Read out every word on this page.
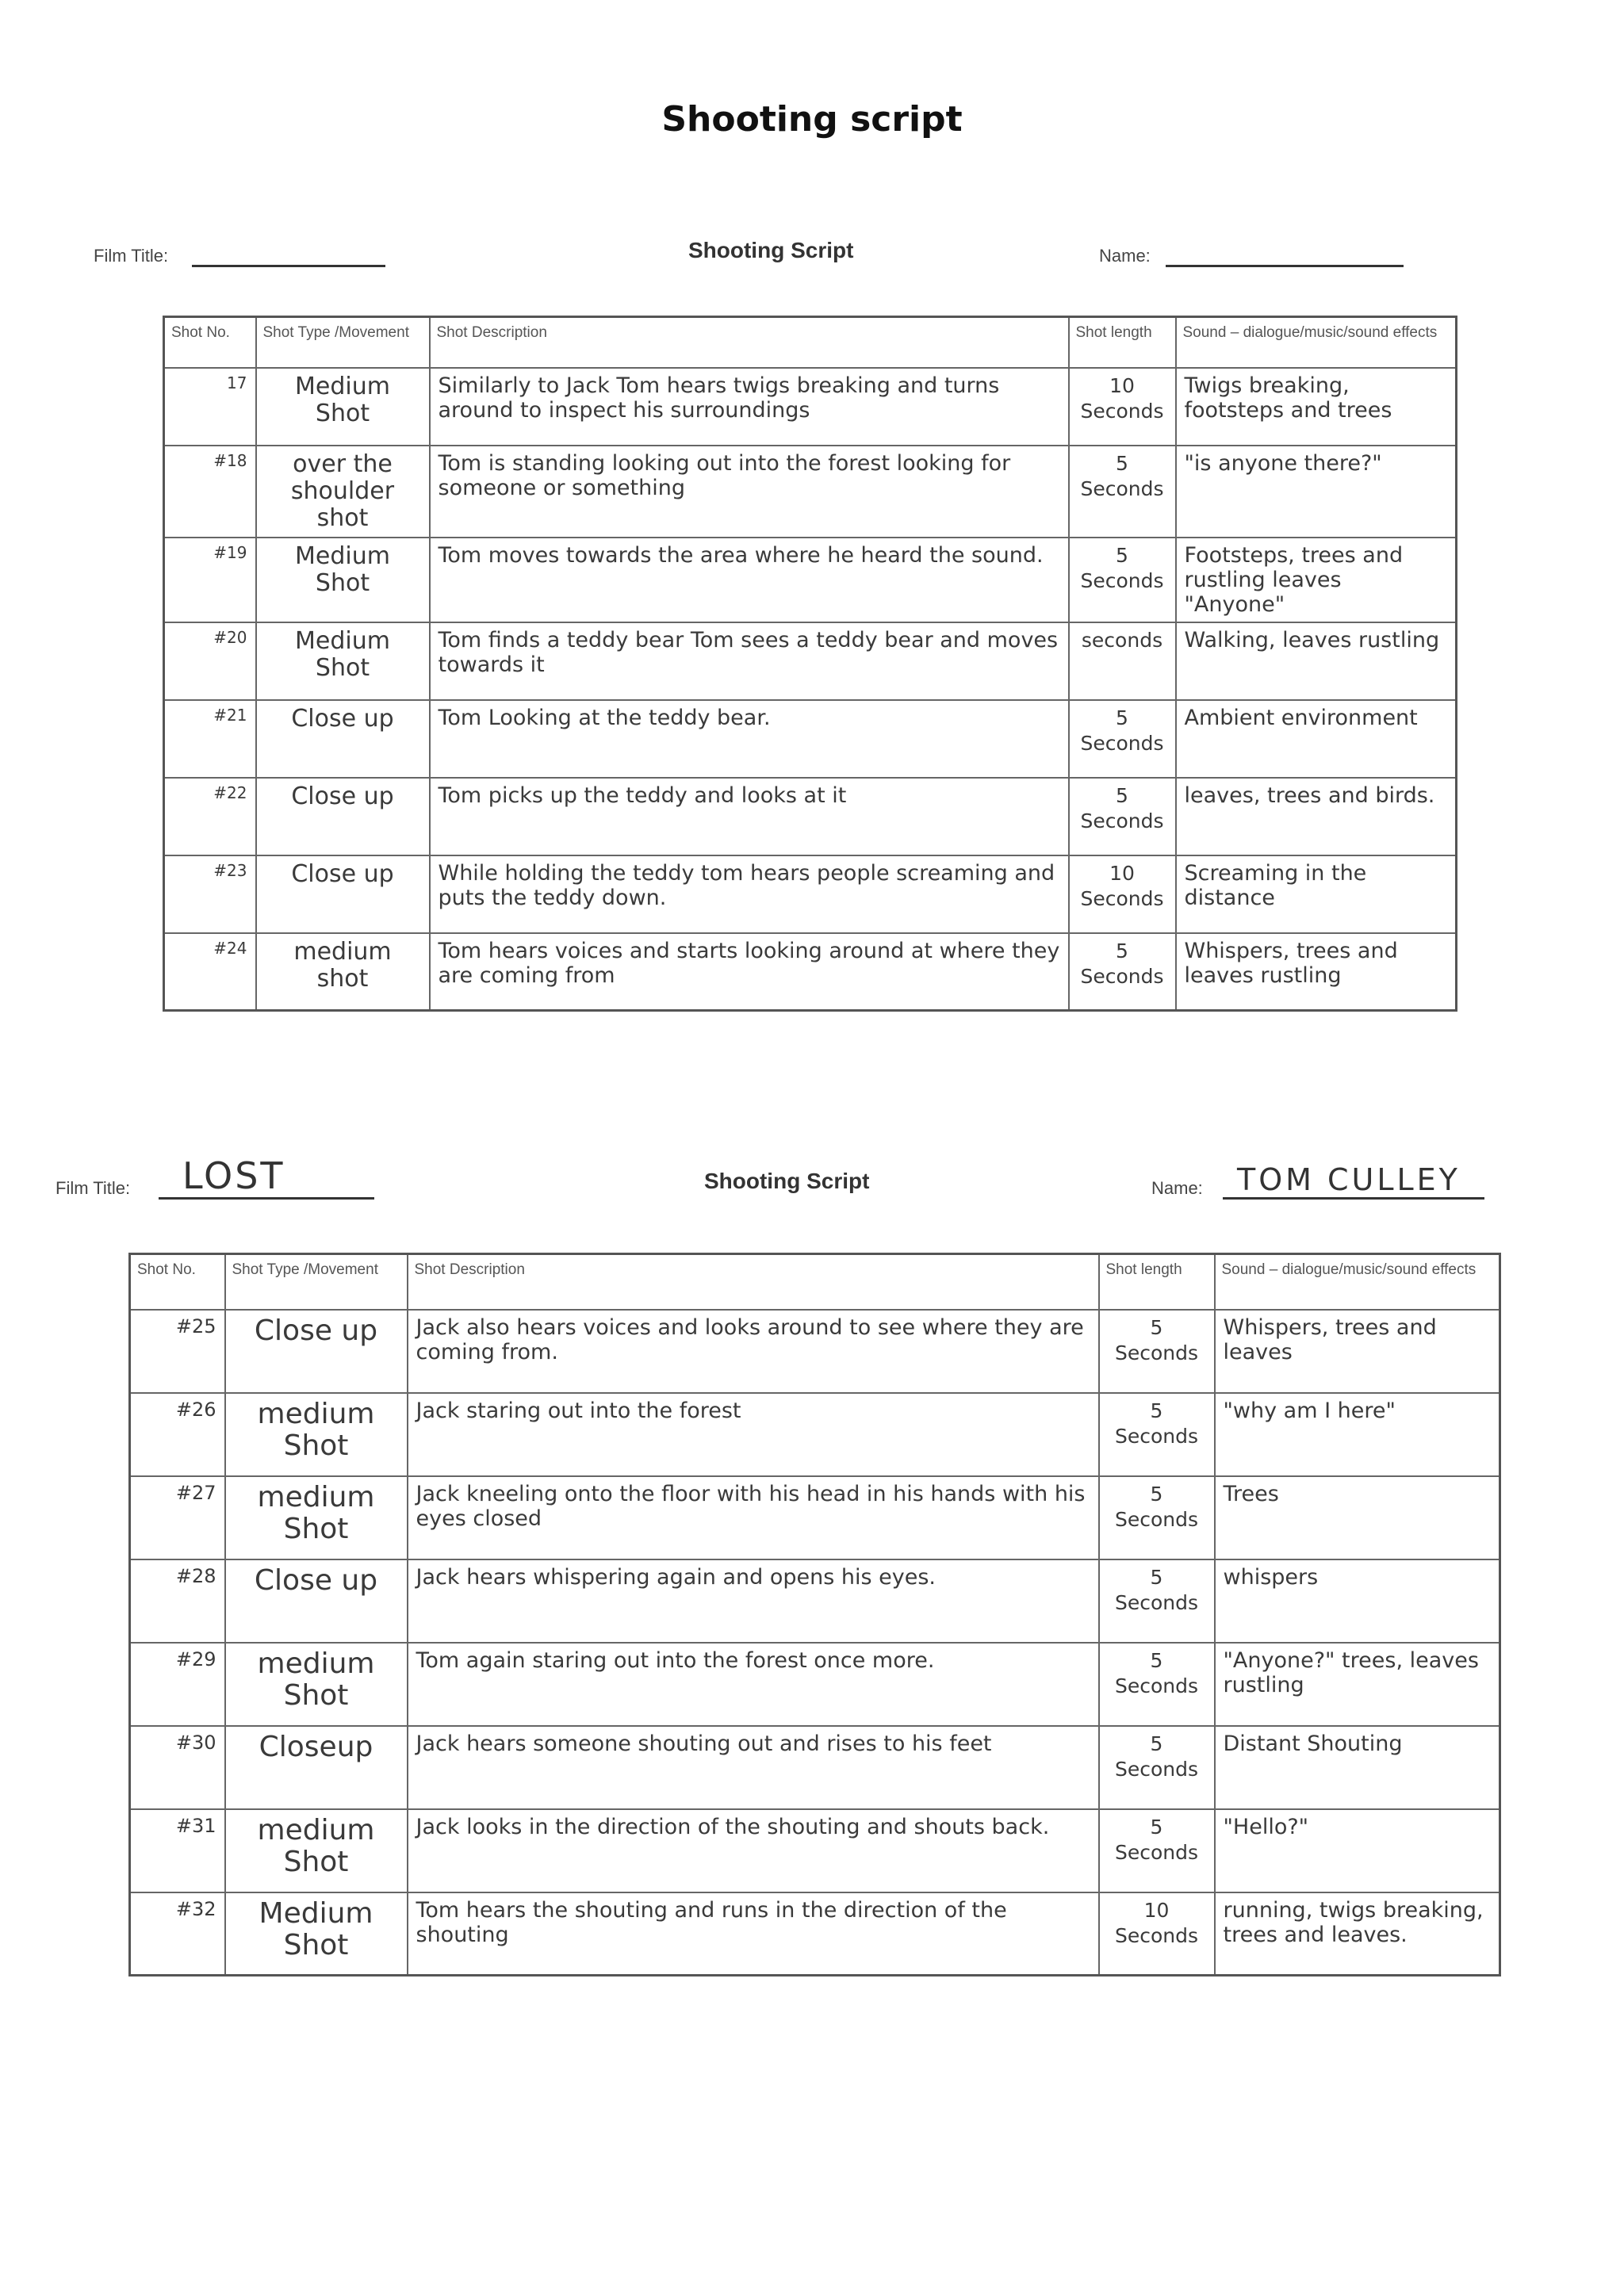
Shooting script
Film Title:	Shooting Script	Name:
Shot No.	Shot Type /Movement	Shot Description	Shot length	Sound – dialogue/music/sound effects
17	Medium Shot	Similarly to Jack Tom hears twigs breaking and turns around to inspect his surroundings	10 Seconds	Twigs breaking, footsteps and trees
#18	over the shoulder shot	Tom is standing looking out into the forest looking for someone or something	5 Seconds	"is anyone there?"
#19	Medium Shot	Tom moves towards the area where he heard the sound.	5 Seconds	Footsteps, trees and rustling leaves "Anyone"
#20	Medium Shot	Tom finds a teddy bear Tom sees a teddy bear and moves towards it	seconds	Walking, leaves rustling
#21	Close up	Tom Looking at the teddy bear.	5 Seconds	Ambient environment
#22	Close up	Tom picks up the teddy and looks at it	5 Seconds	leaves, trees and birds.
#23	Close up	While holding the teddy tom hears people screaming and puts the teddy down.	10 Seconds	Screaming in the distance
#24	medium shot	Tom hears voices and starts looking around at where they are coming from	5 Seconds	Whispers, trees and leaves rustling
Film Title: LOST	Shooting Script	Name: TOM CULLEY
Shot No.	Shot Type /Movement	Shot Description	Shot length	Sound – dialogue/music/sound effects
#25	Close up	Jack also hears voices and looks around to see where they are coming from.	5 Seconds	Whispers, trees and leaves
#26	medium Shot	Jack staring out into the forest	5 Seconds	"why am I here"
#27	medium Shot	Jack kneeling onto the floor with his head in his hands with his eyes closed	5 Seconds	Trees
#28	Close up	Jack hears whispering again and opens his eyes.	5 Seconds	whispers
#29	medium Shot	Tom again staring out into the forest once more.	5 Seconds	"Anyone?" trees, leaves rustling
#30	Closeup	Jack hears someone shouting out and rises to his feet	5 Seconds	Distant Shouting
#31	medium Shot	Jack looks in the direction of the shouting and shouts back.	5 Seconds	"Hello?"
#32	Medium Shot	Tom hears the shouting and runs in the direction of the shouting	10 Seconds	running, twigs breaking, trees and leaves.
